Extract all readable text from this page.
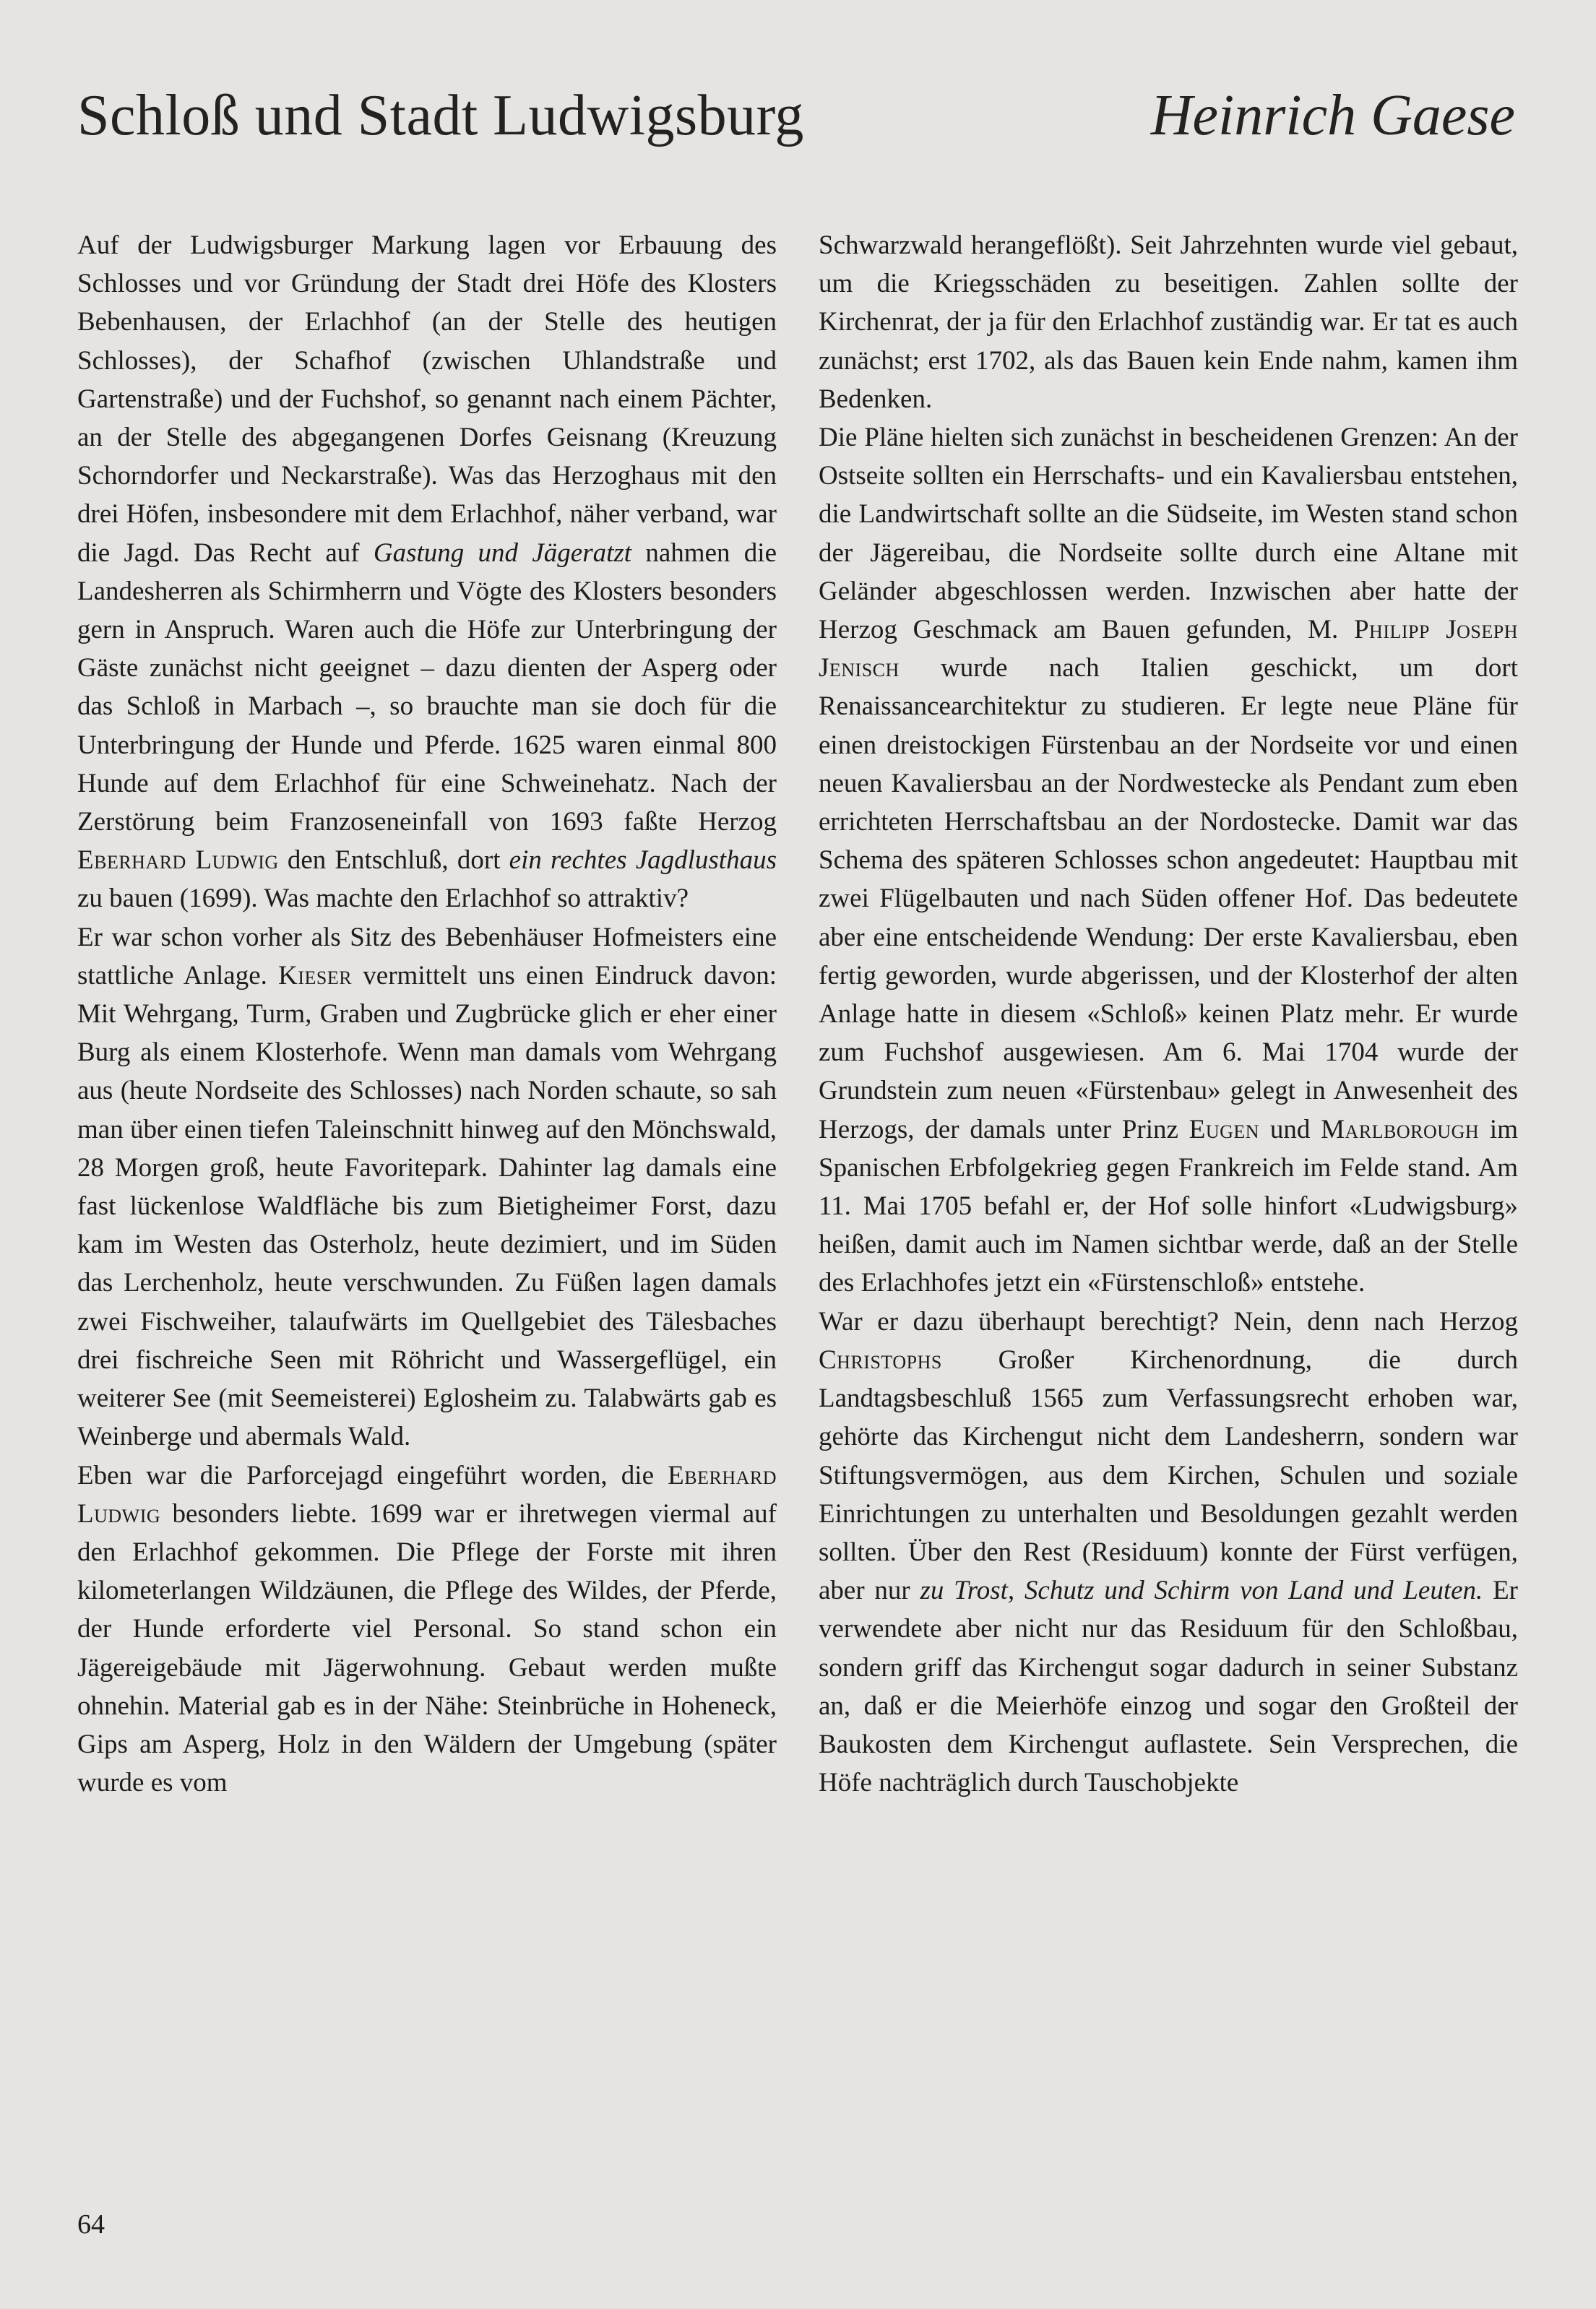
Schloß und Stadt Ludwigsburg	Heinrich Gaese

Auf der Ludwigsburger Markung lagen vor Erbauung des Schlosses und vor Gründung der Stadt drei Höfe des Klosters Bebenhausen, der Erlachhof (an der Stelle des heutigen Schlosses), der Schafhof (zwischen Uhlandstraße und Gartenstraße) und der Fuchshof, so genannt nach einem Pächter, an der Stelle des abgegangenen Dorfes Geisnang (Kreuzung Schorndorfer und Neckarstraße). Was das Herzoghaus mit den drei Höfen, insbesondere mit dem Erlachhof, näher verband, war die Jagd. Das Recht auf Gastung und Jägeratzt nahmen die Landesherren als Schirmherrn und Vögte des Klosters besonders gern in Anspruch. Waren auch die Höfe zur Unterbringung der Gäste zunächst nicht geeignet – dazu dienten der Asperg oder das Schloß in Marbach –, so brauchte man sie doch für die Unterbringung der Hunde und Pferde. 1625 waren einmal 800 Hunde auf dem Erlachhof für eine Schweinehatz. Nach der Zerstörung beim Franzoseneinfall von 1693 faßte Herzog Eberhard Ludwig den Entschluß, dort ein rechtes Jagdlusthaus zu bauen (1699). Was machte den Erlachhof so attraktiv?

Er war schon vorher als Sitz des Bebenhäuser Hofmeisters eine stattliche Anlage. Kieser vermittelt uns einen Eindruck davon: Mit Wehrgang, Turm, Graben und Zugbrücke glich er eher einer Burg als einem Klosterhofe. Wenn man damals vom Wehrgang aus (heute Nordseite des Schlosses) nach Norden schaute, so sah man über einen tiefen Taleinschnitt hinweg auf den Mönchswald, 28 Morgen groß, heute Favoritepark. Dahinter lag damals eine fast lückenlose Waldfläche bis zum Bietigheimer Forst, dazu kam im Westen das Osterholz, heute dezimiert, und im Süden das Lerchenholz, heute verschwunden. Zu Füßen lagen damals zwei Fischweiher, talaufwärts im Quellgebiet des Tälesbaches drei fischreiche Seen mit Röhricht und Wassergeflügel, ein weiterer See (mit Seemeisterei) Eglosheim zu. Talabwärts gab es Weinberge und abermals Wald.

Eben war die Parforcejagd eingeführt worden, die Eberhard Ludwig besonders liebte. 1699 war er ihretwegen viermal auf den Erlachhof gekommen. Die Pflege der Forste mit ihren kilometerlangen Wildzäunen, die Pflege des Wildes, der Pferde, der Hunde erforderte viel Personal. So stand schon ein Jägereigebäude mit Jägerwohnung. Gebaut werden mußte ohnehin. Material gab es in der Nähe: Steinbrüche in Hoheneck, Gips am Asperg, Holz in den Wäldern der Umgebung (später wurde es vom

Schwarzwald herangeflößt). Seit Jahrzehnten wurde viel gebaut, um die Kriegsschäden zu beseitigen. Zahlen sollte der Kirchenrat, der ja für den Erlachhof zuständig war. Er tat es auch zunächst; erst 1702, als das Bauen kein Ende nahm, kamen ihm Bedenken.

Die Pläne hielten sich zunächst in bescheidenen Grenzen: An der Ostseite sollten ein Herrschafts- und ein Kavaliersbau entstehen, die Landwirtschaft sollte an die Südseite, im Westen stand schon der Jägereibau, die Nordseite sollte durch eine Altane mit Geländer abgeschlossen werden. Inzwischen aber hatte der Herzog Geschmack am Bauen gefunden, M. Philipp Joseph Jenisch wurde nach Italien geschickt, um dort Renaissancearchitektur zu studieren. Er legte neue Pläne für einen dreistockigen Fürstenbau an der Nordseite vor und einen neuen Kavaliersbau an der Nordwestecke als Pendant zum eben errichteten Herrschaftsbau an der Nordostecke. Damit war das Schema des späteren Schlosses schon angedeutet: Hauptbau mit zwei Flügelbauten und nach Süden offener Hof. Das bedeutete aber eine entscheidende Wendung: Der erste Kavaliersbau, eben fertig geworden, wurde abgerissen, und der Klosterhof der alten Anlage hatte in diesem «Schloß» keinen Platz mehr. Er wurde zum Fuchshof ausgewiesen. Am 6. Mai 1704 wurde der Grundstein zum neuen «Fürstenbau» gelegt in Anwesenheit des Herzogs, der damals unter Prinz Eugen und Marlborough im Spanischen Erbfolgekrieg gegen Frankreich im Felde stand. Am 11. Mai 1705 befahl er, der Hof solle hinfort «Ludwigsburg» heißen, damit auch im Namen sichtbar werde, daß an der Stelle des Erlachhofes jetzt ein «Fürstenschloß» entstehe.

War er dazu überhaupt berechtigt? Nein, denn nach Herzog Christophs Großer Kirchenordnung, die durch Landtagsbeschluß 1565 zum Verfassungsrecht erhoben war, gehörte das Kirchengut nicht dem Landesherrn, sondern war Stiftungsvermögen, aus dem Kirchen, Schulen und soziale Einrichtungen zu unterhalten und Besoldungen gezahlt werden sollten. Über den Rest (Residuum) konnte der Fürst verfügen, aber nur zu Trost, Schutz und Schirm von Land und Leuten. Er verwendete aber nicht nur das Residuum für den Schloßbau, sondern griff das Kirchengut sogar dadurch in seiner Substanz an, daß er die Meierhöfe einzog und sogar den Großteil der Baukosten dem Kirchengut auflastete. Sein Versprechen, die Höfe nachträglich durch Tauschobjekte

64
